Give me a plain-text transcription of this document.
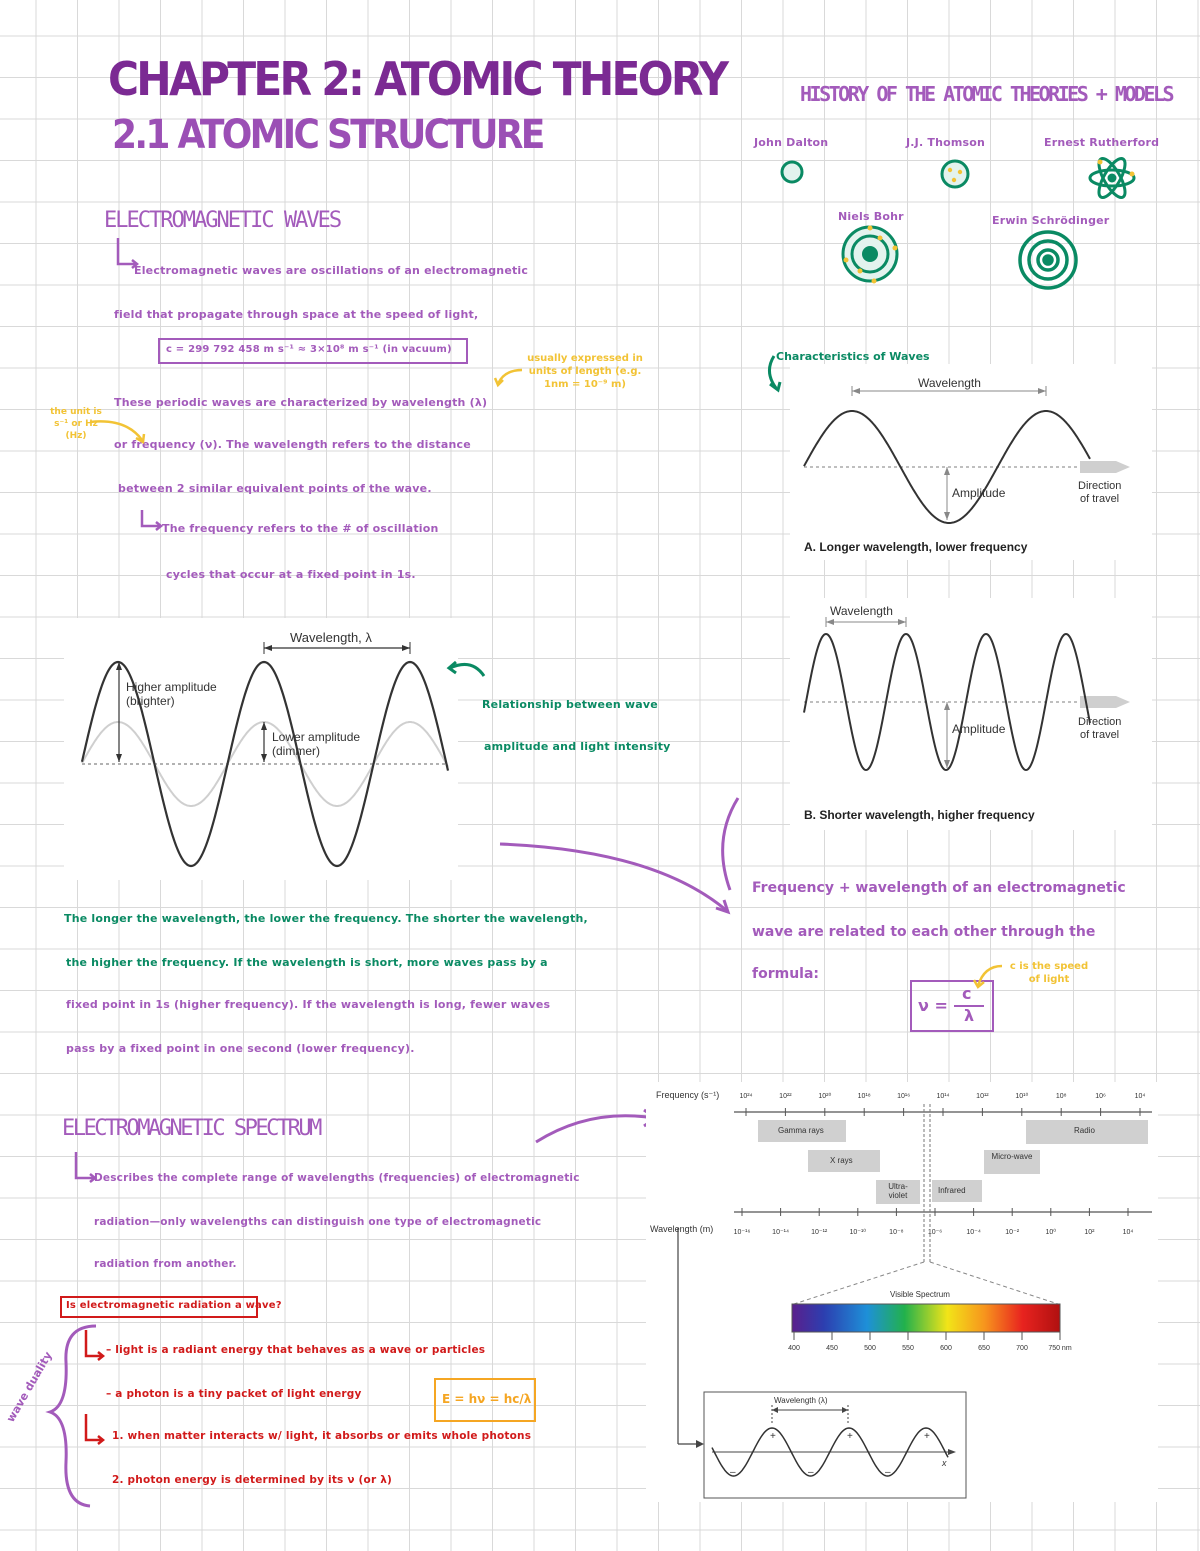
CHAPTER 2: ATOMIC THEORY
2.1 ATOMIC STRUCTURE
ELECTROMAGNETIC WAVES
Electromagnetic waves are oscillations of an electromagnetic
field that propagate through space at the speed of light,
c = 299 792 458 m s⁻¹ ≈ 3×10⁸ m s⁻¹ (in vacuum)
These periodic waves are characterized by wavelength (λ)
or frequency (ν). The wavelength refers to the distance
between 2 similar equivalent points of the wave.
The frequency refers to the # of oscillation
cycles that occur at a fixed point in 1s.
usually expressed in units of length (e.g. 1nm = 10⁻⁹ m)
the unit is s⁻¹ or Hz (Hz)
HISTORY OF THE ATOMIC THEORIES + MODELS
John Dalton	J.J. Thomson	Ernest Rutherford
Niels Bohr	Erwin Schrödinger
Characteristics of Waves
Wavelength
Amplitude	Direction
of travel
A. Longer wavelength, lower frequency
Wavelength
Amplitude	Direction
of travel
B. Shorter wavelength, higher frequency
Wavelength, λ
Higher amplitude
(brighter)
Lower amplitude
(dimmer)
Relationship between wave
amplitude and light intensity
The longer the wavelength, the lower the frequency. The shorter the wavelength,
the higher the frequency. If the wavelength is short, more waves pass by a
fixed point in 1s (higher frequency). If the wavelength is long, fewer waves
pass by a fixed point in one second (lower frequency).
Frequency + wavelength of an electromagnetic
wave are related to each other through the
formula:
ν =
c
λ
c is the speed of light
ELECTROMAGNETIC SPECTRUM
Describes the complete range of wavelengths (frequencies) of electromagnetic
radiation—only wavelengths can distinguish one type of electromagnetic
radiation from another.
Is electromagnetic radiation a wave?
wave duality	– light is a radiant energy that behaves as a wave or particles
– a photon is a tiny packet of light energy	E = hν = hc/λ
1. when matter interacts w/ light, it absorbs or emits whole photons
2. photon energy is determined by its ν (or λ)
10²⁴	10²²	10²⁰	10¹⁸	10¹⁶	10¹⁴	10¹²	10¹⁰	10⁸	10⁶	10⁴
10⁻¹⁶	10⁻¹⁴	10⁻¹²	10⁻¹⁰	10⁻⁸	10⁻⁶	10⁻⁴	10⁻²	10⁰	10²	10⁴
400	450	500	550	600	650	700	750 nm
+	+	+
–	–	–
Frequency (s⁻¹)
Wavelength (m)
Gamma rays
X rays
Ultra-violet
Infrared
Micro-wave
Radio
Visible Spectrum
Wavelength (λ)
x
